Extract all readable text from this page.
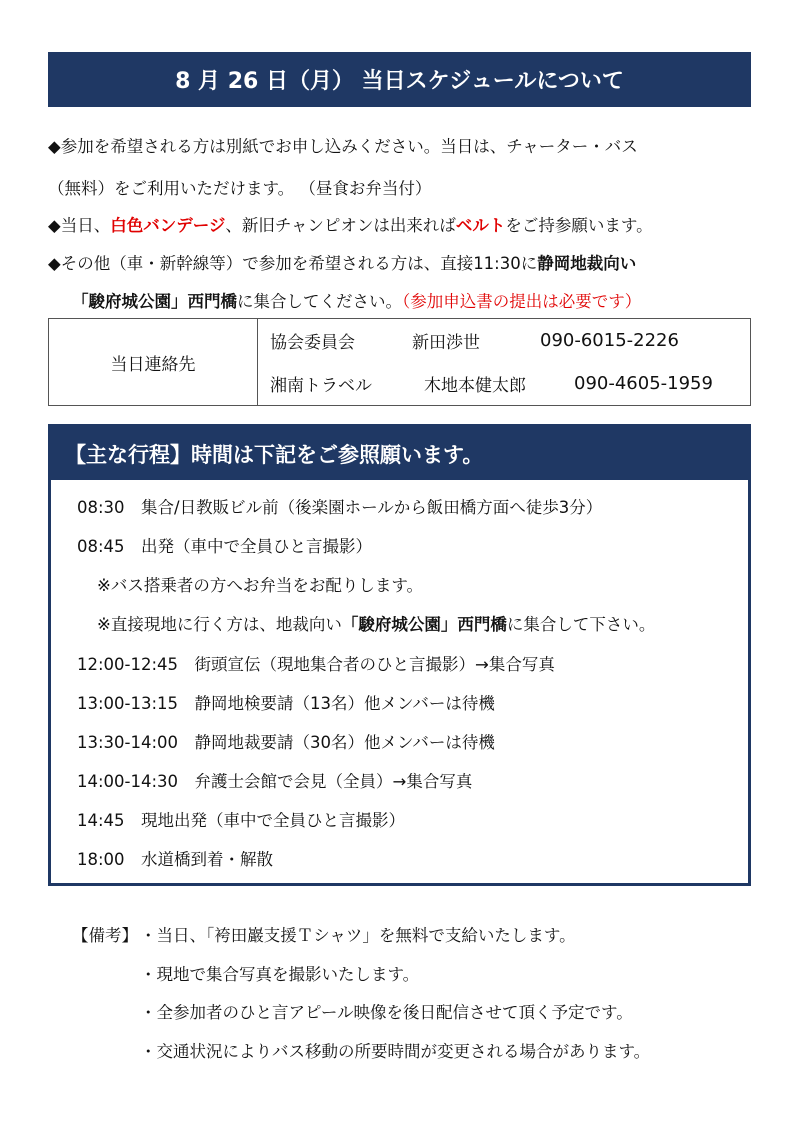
8 月 26 日（月） 当日スケジュールについて
◆参加を希望される方は別紙でお申し込みください。当日は、チャーター・バス
（無料）をご利用いただけます。 （昼食お弁当付）
◆当日、白色バンデージ、新旧チャンピオンは出来ればベルトをご持参願います。
◆その他（車・新幹線等）で参加を希望される方は、直接11:30に静岡地裁向い
「駿府城公園」西門橋に集合してください。（参加申込書の提出は必要です）
当日連絡先	
協会委員会	新田渉世	090-6015-2226
湘南トラベル	木地本健太郎	090-4605-1959
【主な行程】時間は下記をご参照願います。
08:30　集合/日教販ビル前（後楽園ホールから飯田橋方面へ徒歩3分）
08:45　出発（車中で全員ひと言撮影）
※バス搭乗者の方へお弁当をお配りします。
※直接現地に行く方は、地裁向い「駿府城公園」西門橋に集合して下さい。
12:00-12:45　街頭宣伝（現地集合者のひと言撮影）→集合写真
13:00-13:15　静岡地検要請（13名）他メンバーは待機
13:30-14:00　静岡地裁要請（30名）他メンバーは待機
14:00-14:30　弁護士会館で会見（全員）→集合写真
14:45　現地出発（車中で全員ひと言撮影）
18:00　水道橋到着・解散
【備考】 ・当日、「袴田巖支援Ｔシャツ」を無料で支給いたします。
・現地で集合写真を撮影いたします。
・全参加者のひと言アピール映像を後日配信させて頂く予定です。
・交通状況によりバス移動の所要時間が変更される場合があります。
